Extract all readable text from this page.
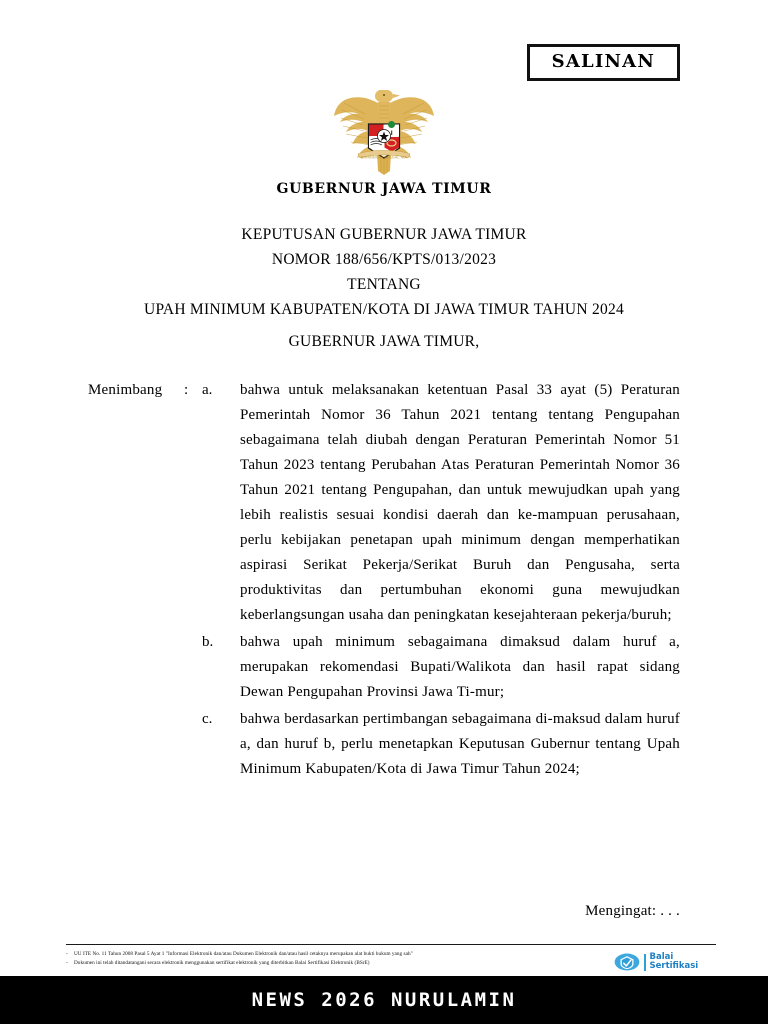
SALINAN
BHINNEKA TUNGGAL IKA
GUBERNUR JAWA TIMUR
KEPUTUSAN GUBERNUR JAWA TIMUR
NOMOR 188/656/KPTS/013/2023
TENTANG
UPAH MINIMUM KABUPATEN/KOTA DI JAWA TIMUR TAHUN 2024
GUBERNUR JAWA TIMUR,
Menimbang	: a.	bahwa untuk melaksanakan ketentuan Pasal 33 ayat (5) Peraturan Pemerintah Nomor 36 Tahun 2021 tentang tentang Pengupahan sebagaimana telah diubah dengan Peraturan Pemerintah Nomor 51 Tahun 2023 tentang Perubahan Atas Peraturan Pemerintah Nomor 36 Tahun 2021 tentang Pengupahan, dan untuk mewujudkan upah yang lebih realistis sesuai kondisi daerah dan ke-mampuan perusahaan, perlu kebijakan penetapan upah minimum dengan memperhatikan aspirasi Serikat Pekerja/Serikat Buruh dan Pengusaha, serta produktivitas dan pertumbuhan ekonomi guna mewujudkan keberlangsungan usaha dan peningkatan kesejahteraan pekerja/buruh;
b.	bahwa upah minimum sebagaimana dimaksud dalam huruf a, merupakan rekomendasi Bupati/Walikota dan hasil rapat sidang Dewan Pengupahan Provinsi Jawa Ti-mur;
c.	bahwa berdasarkan pertimbangan sebagaimana di-maksud dalam huruf a, dan huruf b, perlu menetapkan Keputusan Gubernur tentang Upah Minimum Kabupaten/Kota di Jawa Timur Tahun 2024;
Mengingat: . . .
-	UU ITE No. 11 Tahun 2008 Pasal 5 Ayat 1 "Informasi Elektronik dan/atau Dokumen Elektronik dan/atau hasil cetaknya merupakan alat bukti hukum yang sah"
-	Dokumen ini telah ditandatangani secara elektronik menggunakan sertifikat elektronik yang diterbitkan Balai Sertifikasi Elektronik (BSrE)
Balai
Sertifikasi
NEWS 2026 NURULAMIN
